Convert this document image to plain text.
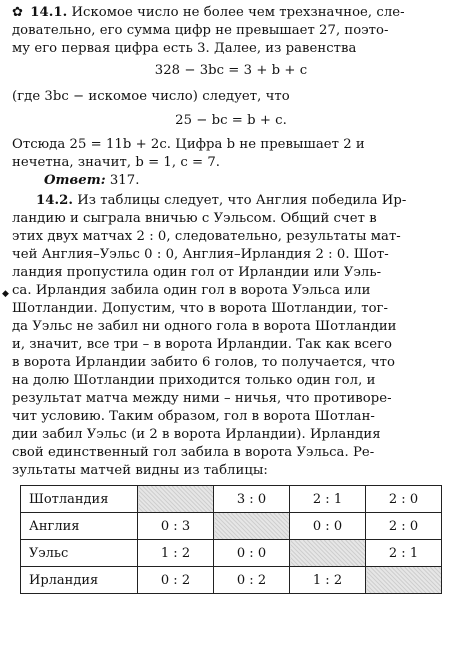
✿ 14.1. Искомое число не более чем трехзначное, сле-
довательно, его сумма цифр не превышает 27, поэто-
му его первая цифра есть 3. Далее, из равенства
328 − 3bc = 3 + b + c
(где 3bc − искомое число) следует, что
25 − bc = b + c.
Отсюда 25 = 11b + 2c. Цифра b не превышает 2 и
нечетна, значит, b = 1, c = 7.
Ответ: 317.
14.2. Из таблицы следует, что Англия победила Ир-
ландию и сыграла вничью с Уэльсом. Общий счет в
этих двух матчах 2 : 0, следовательно, результаты мат-
чей Англия–Уэльс 0 : 0, Англия–Ирландия 2 : 0. Шот-
ландия пропустила один гол от Ирландии или Уэль-
◆ са. Ирландия забила один гол в ворота Уэльса или
Шотландии. Допустим, что в ворота Шотландии, тог-
да Уэльс не забил ни одного гола в ворота Шотландии
и, значит, все три – в ворота Ирландии. Так как всего
в ворота Ирландии забито 6 голов, то получается, что
на долю Шотландии приходится только один гол, и
результат матча между ними – ничья, что противоре-
чит условию. Таким образом, гол в ворота Шотлан-
дии забил Уэльс (и 2 в ворота Ирландии). Ирландия
свой единственный гол забила в ворота Уэльса. Ре-
зультаты матчей видны из таблицы:
Шотландия		3 : 0	2 : 1	2 : 0
Англия	0 : 3		0 : 0	2 : 0
Уэльс	1 : 2	0 : 0		2 : 1
Ирландия	0 : 2	0 : 2	1 : 2	
